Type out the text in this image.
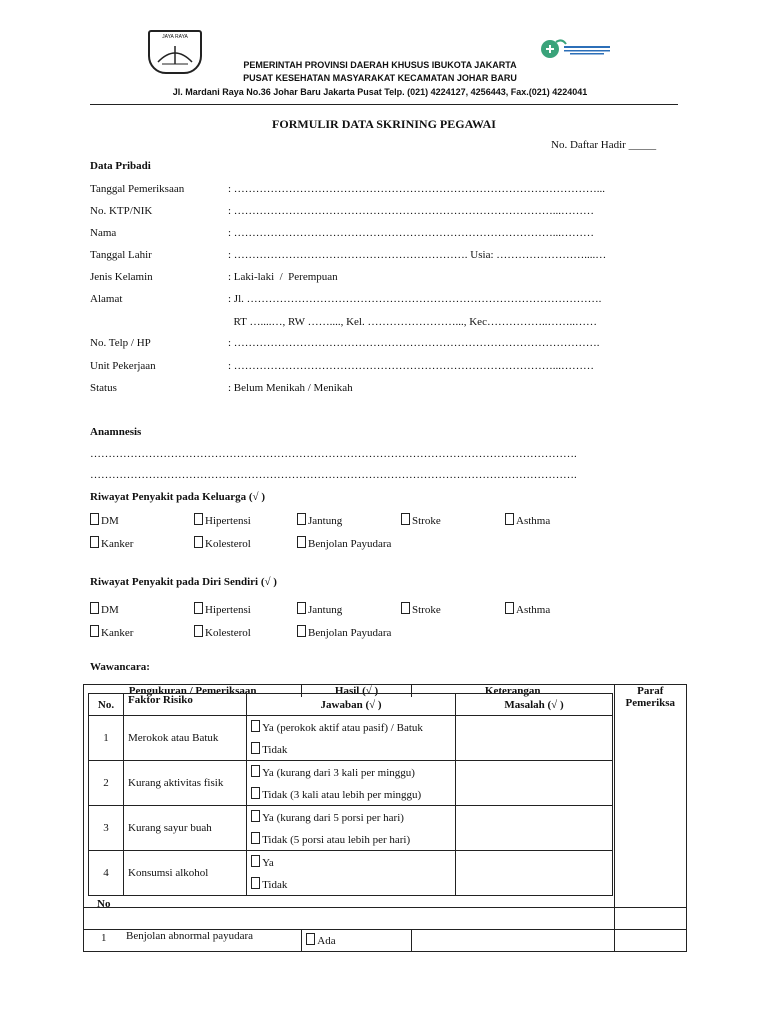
JAYA RAYA
PEMERINTAH PROVINSI DAERAH KHUSUS IBUKOTA JAKARTA
PUSAT KESEHATAN MASYARAKAT KECAMATAN JOHAR BARU
Jl. Mardani Raya No.36 Johar Baru Jakarta Pusat Telp. (021) 4224127, 4256443, Fax.(021) 4224041
FORMULIR DATA SKRINING PEGAWAI
No. Daftar Hadir _____
Data Pribadi
Tanggal Pemeriksaan	: ………………………………………………………………………………………...
No. KTP/NIK	: ……………………………………………………………………………...………
Nama	: ……………………………………………………………………………...………
Tanggal Lahir	: ………………………………………………………. Usia: ……………………....…
Jenis Kelamin	: Laki-laki  /  Perempuan
Alamat	: Jl. …………………………………………………………………………………….
RT …....…, RW ……...., Kel. ……………………..., Kec……………..……..……
No. Telp / HP	: ……………………………………………………………………………………….
Unit Pekerjaan	: ……………………………………………………………………………...………
Status	: Belum Menikah / Menikah
Anamnesis
…………………………………………………………………………………………………………………….
…………………………………………………………………………………………………………………….
Riwayat Penyakit pada Keluarga (√ )
DM	Hipertensi	Jantung	Stroke	Asthma
Kanker	Kolesterol	Benjolan Payudara
Riwayat Penyakit pada Diri Sendiri (√ )
DM	Hipertensi	Jantung	Stroke	Asthma
Kanker	Kolesterol	Benjolan Payudara
Wawancara:
Pengukuran / Pemeriksaan	Hasil (√ )	Keterangan	Paraf Pemeriksa

1 Benjolan abnormal payudara	Ada		
No
No.	Faktor Risiko	Jawaban (√ )	Masalah (√ )
1	Merokok atau Batuk	Ya (perokok aktif atau pasif) / Batuk
Tidak	

2	Kurang aktivitas fisik	Ya (kurang dari 3 kali per minggu)
Tidak (3 kali atau lebih per minggu)	

3	Kurang sayur buah	Ya (kurang dari 5 porsi per hari)
Tidak (5 porsi atau lebih per hari)	

4	Konsumsi alkohol	Ya
Tidak	
